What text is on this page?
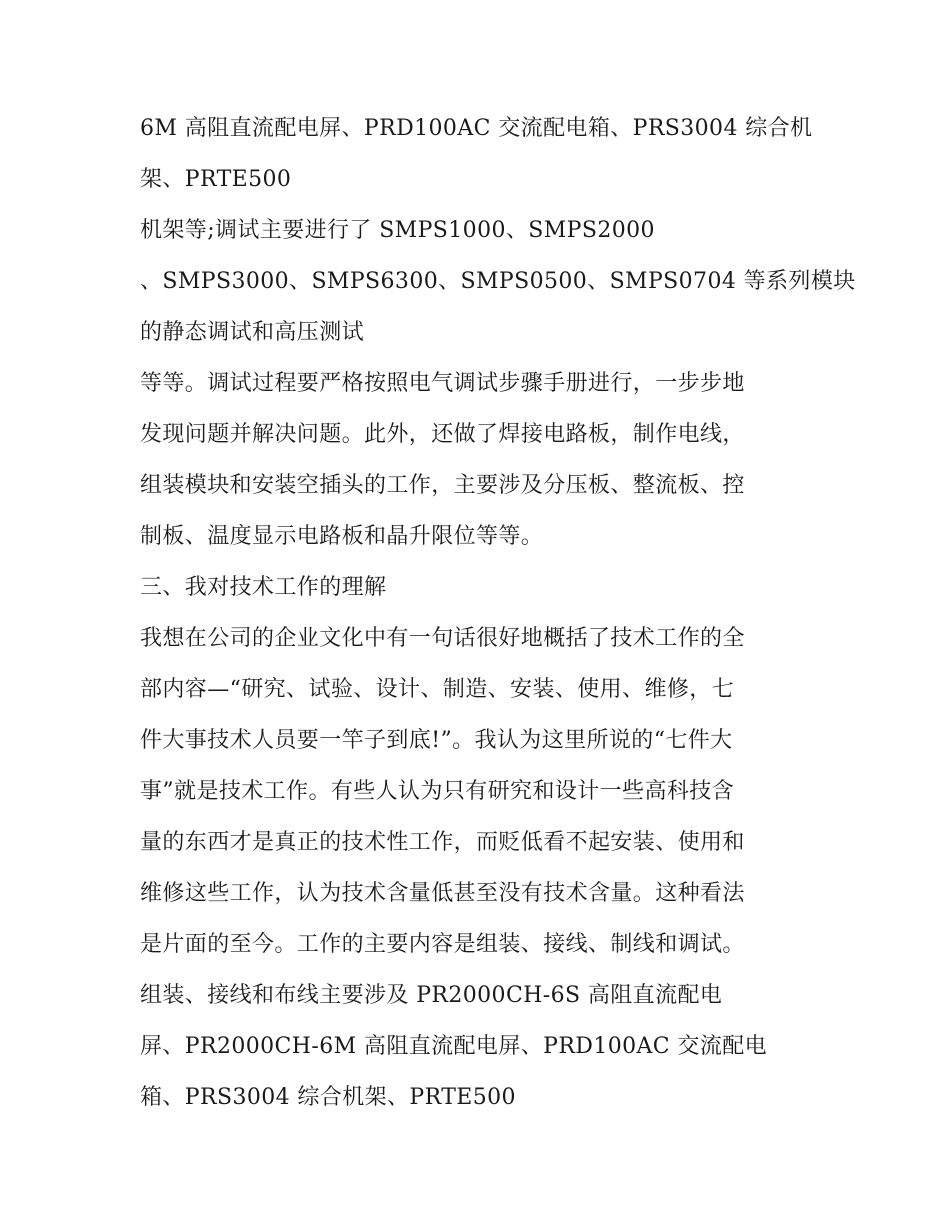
6M 高阻直流配电屏、PRD100AC 交流配电箱、PRS3004 综合机
架、PRTE500
机架等;调试主要进行了 SMPS1000、SMPS2000
、SMPS3000、SMPS6300、SMPS0500、SMPS0704 等系列模块
的静态调试和高压测试
等等。调试过程要严格按照电气调试步骤手册进行，一步步地
发现问题并解决问题。此外，还做了焊接电路板，制作电线，
组装模块和安装空插头的工作，主要涉及分压板、整流板、控
制板、温度显示电路板和晶升限位等等。
三、我对技术工作的理解
我想在公司的企业文化中有一句话很好地概括了技术工作的全
部内容—“研究、试验、设计、制造、安装、使用、维修，七
件大事技术人员要一竿子到底!”。我认为这里所说的“七件大
事”就是技术工作。有些人认为只有研究和设计一些高科技含
量的东西才是真正的技术性工作，而贬低看不起安装、使用和
维修这些工作，认为技术含量低甚至没有技术含量。这种看法
是片面的至今。工作的主要内容是组装、接线、制线和调试。
组装、接线和布线主要涉及 PR2000CH-6S 高阻直流配电
屏、PR2000CH-6M 高阻直流配电屏、PRD100AC 交流配电
箱、PRS3004 综合机架、PRTE500
